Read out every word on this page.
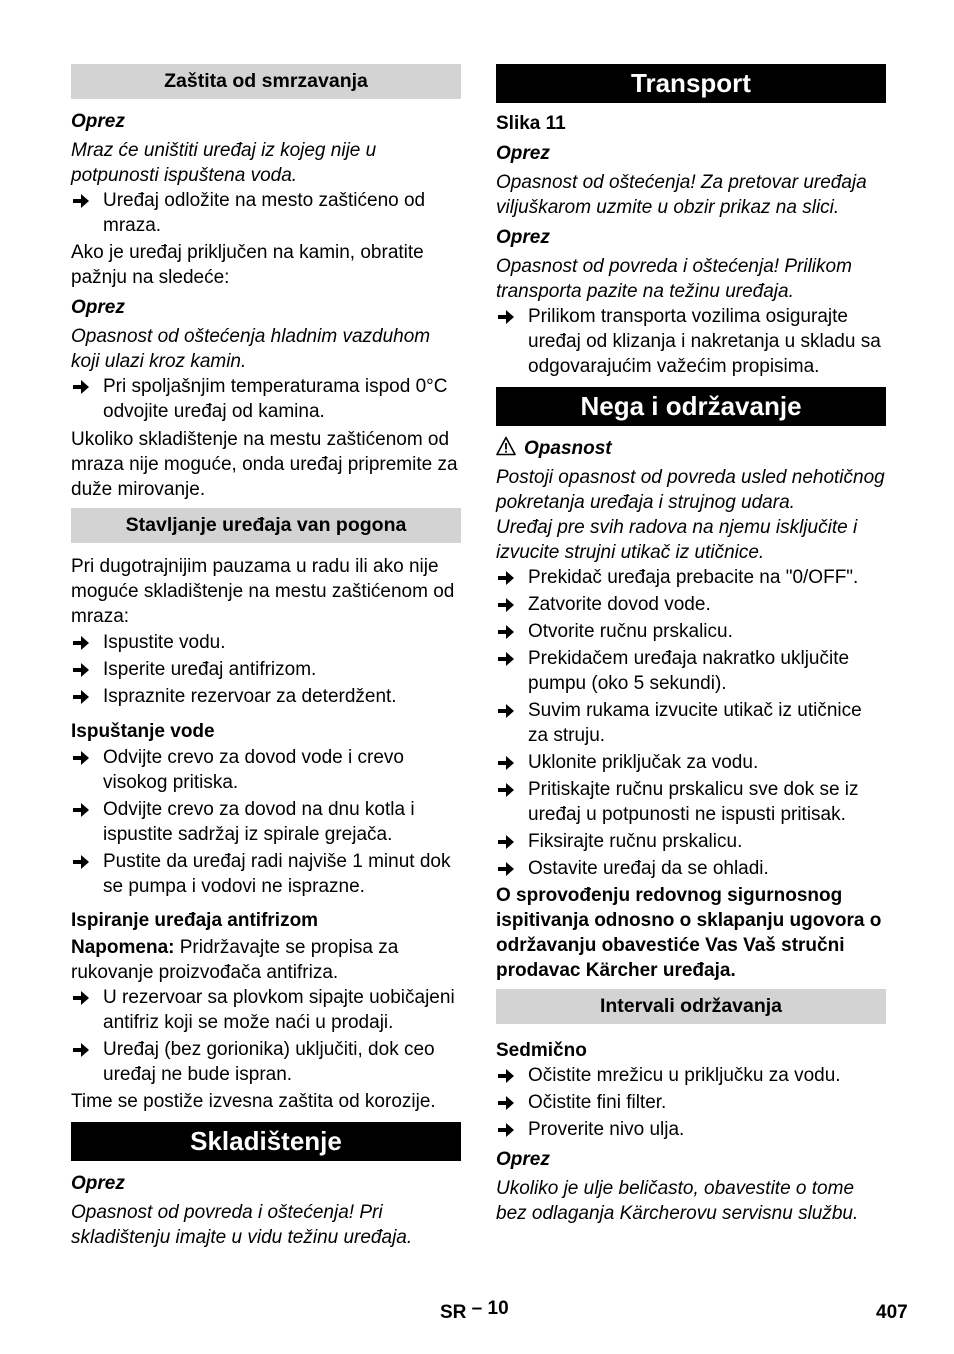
Zaštita od smrzavanja

Oprez

Mraz će uništiti uređaj iz kojeg nije u potpunosti ispuštena voda.

Uređaj odložite na mesto zaštićeno od mraza.

Ako je uređaj priključen na kamin, obratite pažnju na sledeće:

Oprez

Opasnost od oštećenja hladnim vazduhom koji ulazi kroz kamin.

Pri spoljašnjim temperaturama ispod 0°C odvojite uređaj od kamina.

Ukoliko skladištenje na mestu zaštićenom od mraza nije moguće, onda uređaj pripremite za duže mirovanje.

Stavljanje uređaja van pogona

Pri dugotrajnijim pauzama u radu ili ako nije moguće skladištenje na mestu zaštićenom od mraza:

Ispustite vodu.
Isperite uređaj antifrizom.
Ispraznite rezervoar za deterdžent.

Ispuštanje vode

Odvijte crevo za dovod vode i crevo visokog pritiska.
Odvijte crevo za dovod na dnu kotla i ispustite sadržaj iz spirale grejača.
Pustite da uređaj radi najviše 1 minut dok se pumpa i vodovi ne isprazne.

Ispiranje uređaja antifrizom

Napomena: Pridržavajte se propisa za rukovanje proizvođača antifriza.

U rezervoar sa plovkom sipajte uobičajeni antifriz koji se može naći u prodaji.
Uređaj (bez gorionika) uključiti, dok ceo uređaj ne bude ispran.

Time se postiže izvesna zaštita od korozije.

Skladištenje

Oprez

Opasnost od povreda i oštećenja! Pri skladištenju imajte u vidu težinu uređaja.

Transport

Slika 11

Oprez

Opasnost od oštećenja! Za pretovar uređaja viljuškarom uzmite u obzir prikaz na slici.

Oprez

Opasnost od povreda i oštećenja! Prilikom transporta pazite na težinu uređaja.

Prilikom transporta vozilima osigurajte uređaj od klizanja i nakretanja u skladu sa odgovarajućim važećim propisima.
Nega i održavanje

Opasnost

Postoji opasnost od povreda usled nehotičnog pokretanja uređaja i strujnog udara.

Uređaj pre svih radova na njemu isključite i izvucite strujni utikač iz utičnice.

Prekidač uređaja prebacite na "0/OFF".
Zatvorite dovod vode.
Otvorite ručnu prskalicu.
Prekidačem uređaja nakratko uključite pumpu (oko 5 sekundi).
Suvim rukama izvucite utikač iz utičnice za struju.
Uklonite priključak za vodu.
Pritiskajte ručnu prskalicu sve dok se iz uređaj u potpunosti ne ispusti pritisak.
Fiksirajte ručnu prskalicu.
Ostavite uređaj da se ohladi.

O sprovođenju redovnog sigurnosnog ispitivanja odnosno o sklapanju ugovora o održavanju obavestiće Vas Vaš stručni prodavac Kärcher uređaja.

Intervali održavanja

Sedmično

Očistite mrežicu u priključku za vodu.
Očistite fini filter.
Proverite nivo ulja.

Oprez

Ukoliko je ulje beličasto, obavestite o tome bez odlaganja Kärcherovu servisnu službu.

SR – 10	407
